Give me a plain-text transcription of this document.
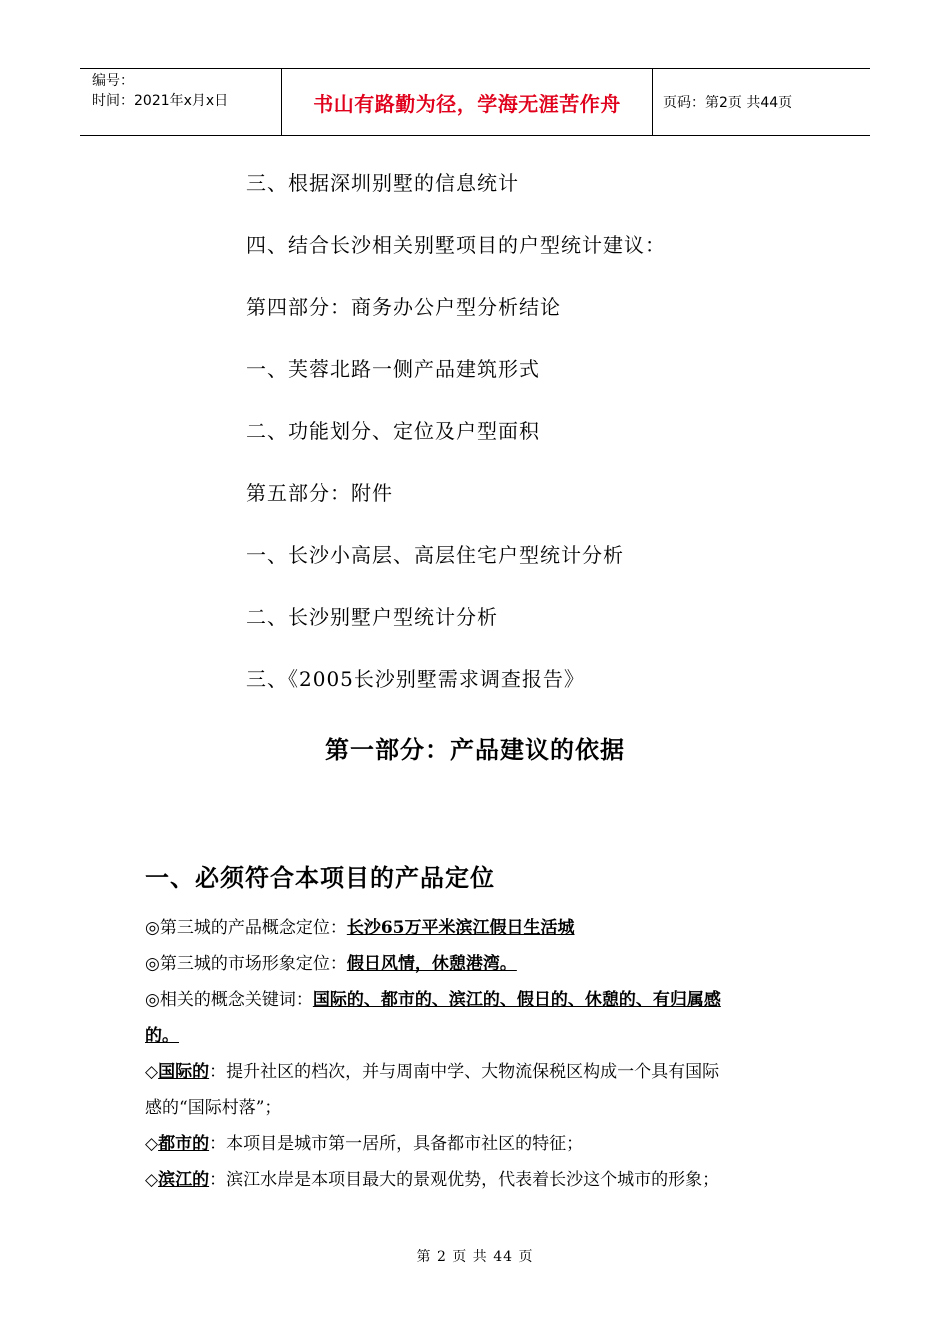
编号：
时间：2021年x月x日	书山有路勤为径，学海无涯苦作舟	页码：第2页 共44页
三、根据深圳别墅的信息统计
四、结合长沙相关别墅项目的户型统计建议：
第四部分：商务办公户型分析结论
一、芙蓉北路一侧产品建筑形式
二、功能划分、定位及户型面积
第五部分：附件
一、长沙小高层、高层住宅户型统计分析
二、长沙别墅户型统计分析
三、《2005长沙别墅需求调查报告》
第一部分：产品建议的依据
一、必须符合本项目的产品定位

◎第三城的产品概念定位：长沙65万平米滨江假日生活城

◎第三城的市场形象定位：假日风情，休憩港湾。

◎相关的概念关键词：国际的、都市的、滨江的、假日的、休憩的、有归属感
的。

◇国际的：提升社区的档次，并与周南中学、大物流保税区构成一个具有国际
感的“国际村落”；

◇都市的：本项目是城市第一居所，具备都市社区的特征；

◇滨江的：滨江水岸是本项目最大的景观优势，代表着长沙这个城市的形象；

第 2 页 共 44 页
